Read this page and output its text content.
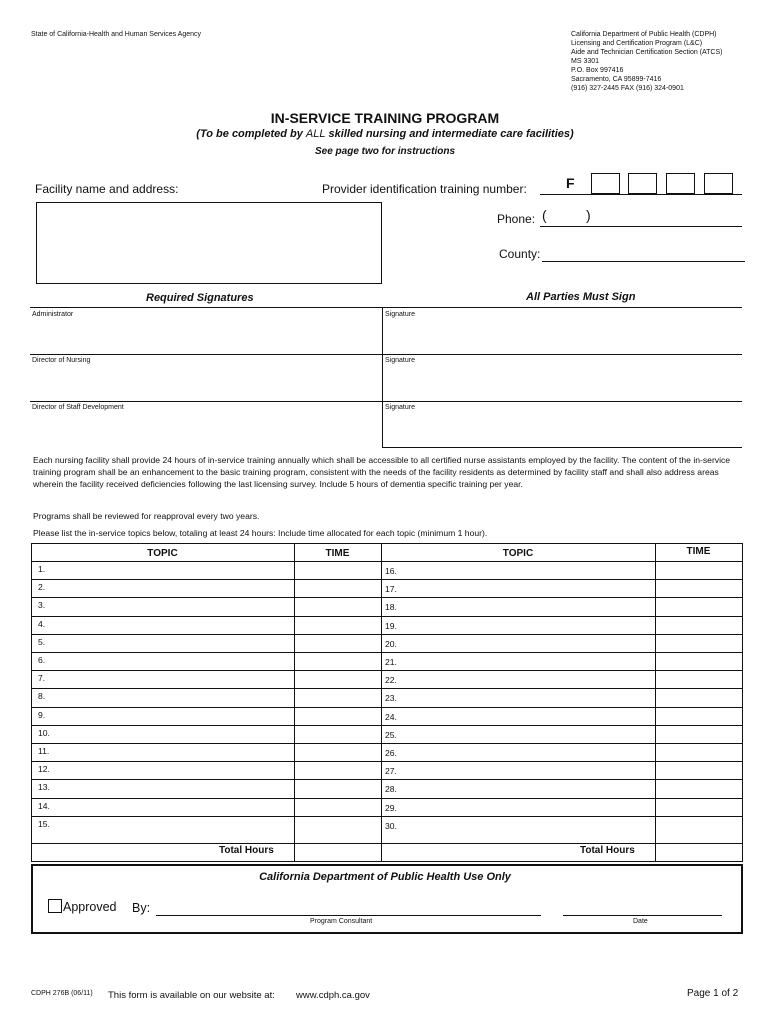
State of California-Health and Human Services Agency	California Department of Public Health (CDPH)
Licensing and Certification Program (L&C)
Aide and Technician Certification Section (ATCS)
MS 3301
P.O. Box 997416
Sacramento, CA 95899-7416
(916) 327-2445 FAX (916) 324-0901
IN-SERVICE TRAINING PROGRAM
(To be completed by ALL skilled nursing and intermediate care facilities)
See page two for instructions
Facility name and address:	Provider identification training number:	F
Phone: (	)
County:
Required Signatures	All Parties Must Sign
Administrator	Signature
Director of Nursing	Signature
Director of Staff Development	Signature
Each nursing facility shall provide 24 hours of in-service training annually which shall be accessible to all certified nurse assistants employed by the facility. The content of the in-service training program shall be an enhancement to the basic training program, consistent with the needs of the facility residents as determined by facility staff and shall also address areas wherein the facility received deficiencies following the last licensing survey. Include 5 hours of dementia specific training per year.
Programs shall be reviewed for reapproval every two years.
Please list the in-service topics below, totaling at least 24 hours: Include time allocated for each topic (minimum 1 hour).
TOPIC	TIME	TOPIC	TIME
1.	16.
2.	17.
3.	18.
4.	19.
5.	20.
6.	21.
7.	22.
8.	23.
9.	24.
10.	25.
11.	26.
12.	27.
13.	28.
14.	29.
15.	30.
Total Hours	Total Hours
California Department of Public Health Use Only
Approved By:
Program Consultant	Date
CDPH 276B (06/11) This form is available on our website at: www.cdph.ca.gov	Page 1 of 2
